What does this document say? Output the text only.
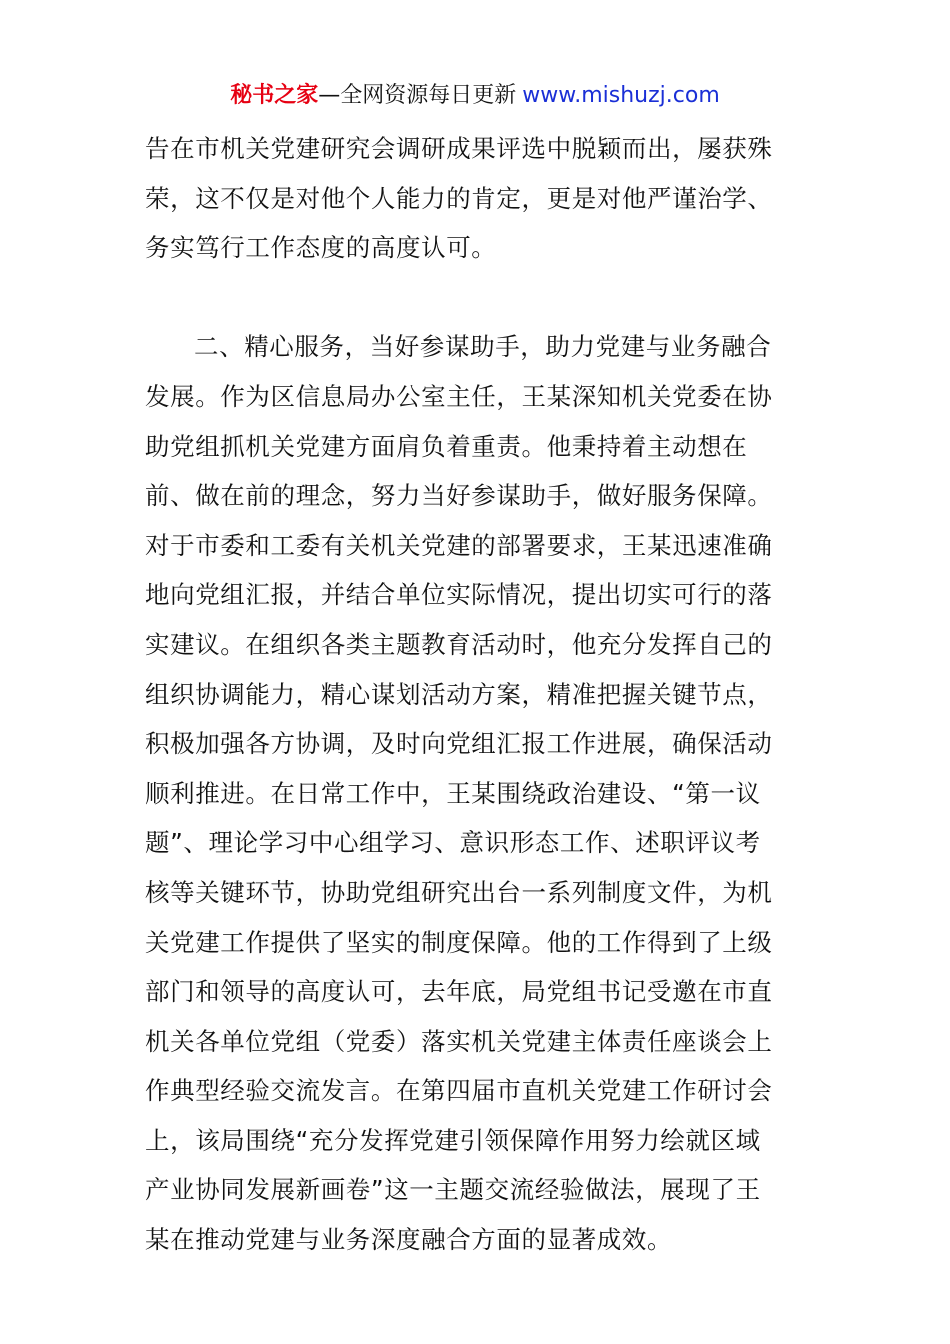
秘书之家—全网资源每日更新 www.mishuzj.com
告在市机关党建研究会调研成果评选中脱颖而出，屡获殊
荣，这不仅是对他个人能力的肯定，更是对他严谨治学、
务实笃行工作态度的高度认可。
二、精心服务，当好参谋助手，助力党建与业务融合
发展。作为区信息局办公室主任，王某深知机关党委在协
助党组抓机关党建方面肩负着重责。他秉持着主动想在
前、做在前的理念，努力当好参谋助手，做好服务保障。
对于市委和工委有关机关党建的部署要求，王某迅速准确
地向党组汇报，并结合单位实际情况，提出切实可行的落
实建议。在组织各类主题教育活动时，他充分发挥自己的
组织协调能力，精心谋划活动方案，精准把握关键节点，
积极加强各方协调，及时向党组汇报工作进展，确保活动
顺利推进。在日常工作中，王某围绕政治建设、“第一议
题”、理论学习中心组学习、意识形态工作、述职评议考
核等关键环节，协助党组研究出台一系列制度文件，为机
关党建工作提供了坚实的制度保障。他的工作得到了上级
部门和领导的高度认可，去年底，局党组书记受邀在市直
机关各单位党组（党委）落实机关党建主体责任座谈会上
作典型经验交流发言。在第四届市直机关党建工作研讨会
上，该局围绕“充分发挥党建引领保障作用努力绘就区域
产业协同发展新画卷”这一主题交流经验做法，展现了王
某在推动党建与业务深度融合方面的显著成效。
